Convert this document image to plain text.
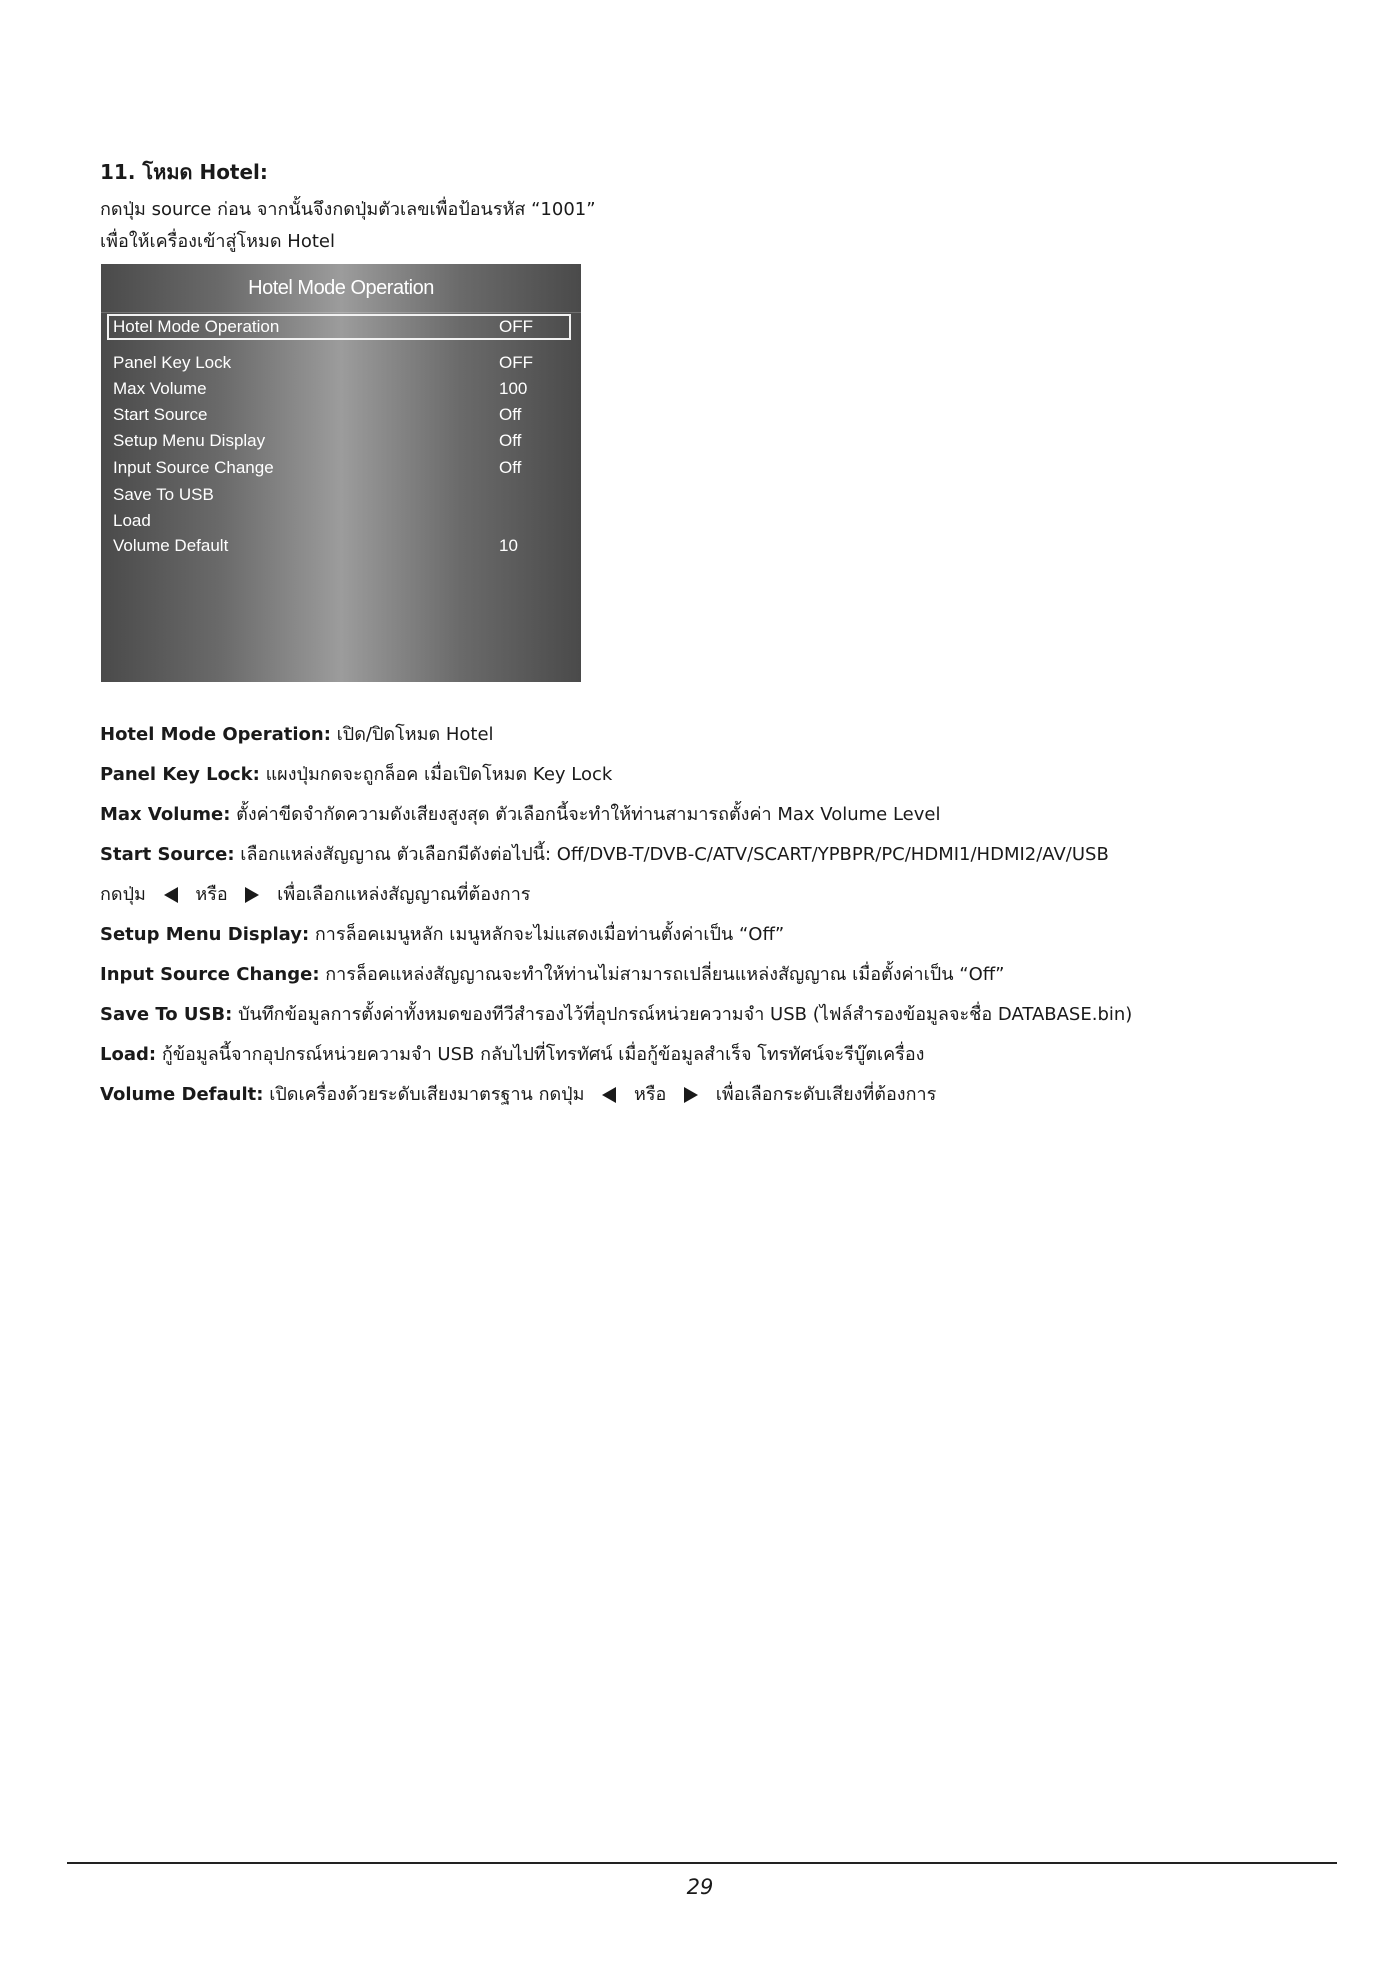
11. โหมด Hotel:

กดปุ่ม source ก่อน จากนั้นจึงกดปุ่มตัวเลขเพื่อป้อนรหัส “1001”

เพื่อให้เครื่องเข้าสู่โหมด Hotel

Hotel Mode Operation
Hotel Mode Operation	OFF
Panel Key Lock	OFF
Max Volume	100
Start Source	Off
Setup Menu Display	Off
Input Source Change	Off
Save To USB
Load
Volume Default	10

Hotel Mode Operation: เปิด/ปิดโหมด Hotel

Panel Key Lock: แผงปุ่มกดจะถูกล็อค เมื่อเปิดโหมด Key Lock

Max Volume: ตั้งค่าขีดจำกัดความดังเสียงสูงสุด ตัวเลือกนี้จะทำให้ท่านสามารถตั้งค่า Max Volume Level

Start Source: เลือกแหล่งสัญญาณ ตัวเลือกมีดังต่อไปนี้: Off/DVB-T/DVB-C/ATV/SCART/YPBPR/PC/HDMI1/HDMI2/AV/USB

กดปุ่ม	หรือ	เพื่อเลือกแหล่งสัญญาณที่ต้องการ

Setup Menu Display: การล็อคเมนูหลัก เมนูหลักจะไม่แสดงเมื่อท่านตั้งค่าเป็น “Off”

Input Source Change: การล็อคแหล่งสัญญาณจะทำให้ท่านไม่สามารถเปลี่ยนแหล่งสัญญาณ เมื่อตั้งค่าเป็น “Off”

Save To USB: บันทึกข้อมูลการตั้งค่าทั้งหมดของทีวีสำรองไว้ที่อุปกรณ์หน่วยความจำ USB (ไฟล์สำรองข้อมูลจะชื่อ DATABASE.bin)

Load: กู้ข้อมูลนี้จากอุปกรณ์หน่วยความจำ USB กลับไปที่โทรทัศน์ เมื่อกู้ข้อมูลสำเร็จ โทรทัศน์จะรีบู๊ตเครื่อง

Volume Default: เปิดเครื่องด้วยระดับเสียงมาตรฐาน กดปุ่ม	หรือ	เพื่อเลือกระดับเสียงที่ต้องการ

29
